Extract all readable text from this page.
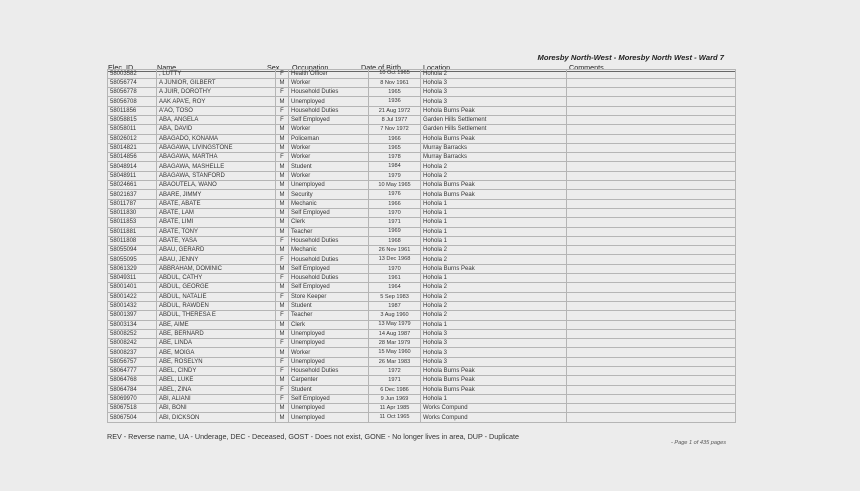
Moresby North-West - Moresby North West - Ward 7
Elec. ID	Name	Sex Occupation	Date of Birth	Location	Comments
58003582	, LUTTY	F	Health Officer	10 Oct 1965	Hohola 2	
58056774	A JUNIOR, GILBERT	M	Worker	8 Nov 1961	Hohola 3	
58056778	A JUIR, DOROTHY	F	Household Duties	1965	Hohola 3	
58056708	AAK APA'E, ROY	M	Unemployed	1936	Hohola 3	
58011856	A'AO, TOSO	F	Household Duties	21 Aug 1972	Hohola Burns Peak	
58058815	ABA, ANGELA	F	Self Employed	8 Jul 1977	Garden Hills Settlement	
58058011	ABA, DAVID	M	Worker	7 Nov 1972	Garden Hills Settlement	
58026012	ABAGADO, KONAMA	M	Policeman	1966	Hohola Burns Peak	
58014821	ABAGAWA, LIVINGSTONE	M	Worker	1965	Murray Barracks	
58014856	ABAGAWA, MARTHA	F	Worker	1978	Murray Barracks	
58048914	ABAGAWA, MASHELLE	M	Student	1984	Hohola 2	
58048911	ABAGAWA, STANFORD	M	Worker	1979	Hohola 2	
58024661	ABAOUTELA, WANO	M	Unemployed	10 May 1965	Hohola Burns Peak	
58021637	ABARE, JIMMY	M	Security	1976	Hohola Burns Peak	
58011787	ABATE, ABATE	M	Mechanic	1966	Hohola 1	
58011830	ABATE, LAM	M	Self Employed	1970	Hohola 1	
58011853	ABATE, LIMI	M	Clerk	1971	Hohola 1	
58011881	ABATE, TONY	M	Teacher	1969	Hohola 1	
58011808	ABATE, YASA	F	Household Duties	1968	Hohola 1	
58055094	ABAU, GERARD	M	Mechanic	26 Nov 1961	Hohola 2	
58055095	ABAU, JENNY	F	Household Duties	13 Dec 1968	Hohola 2	
58061329	ABBRAHAM, DOMINIC	M	Self Employed	1970	Hohola Burns Peak	
58049311	ABDUL, CATHY	F	Household Duties	1961	Hohola 1	
58001401	ABDUL, GEORGE	M	Self Employed	1964	Hohola 2	
58001422	ABDUL, NATALIE	F	Store Keeper	5 Sep 1983	Hohola 2	
58001432	ABDUL, RAWDEN	M	Student	1987	Hohola 2	
58001397	ABDUL, THERESA E	F	Teacher	3 Aug 1960	Hohola 2	
58003134	ABE, AIME	M	Clerk	13 May 1979	Hohola 1	
58008252	ABE, BERNARD	M	Unemployed	14 Aug 1987	Hohola 3	
58008242	ABE, LINDA	F	Unemployed	28 Mar 1979	Hohola 3	
58008237	ABE, MOIGA	M	Worker	15 May 1960	Hohola 3	
58056757	ABE, ROSELYN	F	Unemployed	26 Mar 1983	Hohola 3	
58064777	ABEL, CINDY	F	Household Duties	1972	Hohola Burns Peak	
58064768	ABEL, LUKE	M	Carpenter	1971	Hohola Burns Peak	
58064784	ABEL, ZINA	F	Student	6 Dec 1986	Hohola Burns Peak	
58069970	ABI, ALIANI	F	Self Employed	9 Jun 1969	Hohola 1	
58067518	ABI, BONI	M	Unemployed	11 Apr 1985	Works Compund	
58067504	ABI, DICKSON	M	Unemployed	11 Oct 1965	Works Compund	
REV - Reverse name, UA - Underage, DEC - Deceased, GOST - Does not exist, GONE - No longer lives in area, DUP - Duplicate
- Page 1 of 435 pages
